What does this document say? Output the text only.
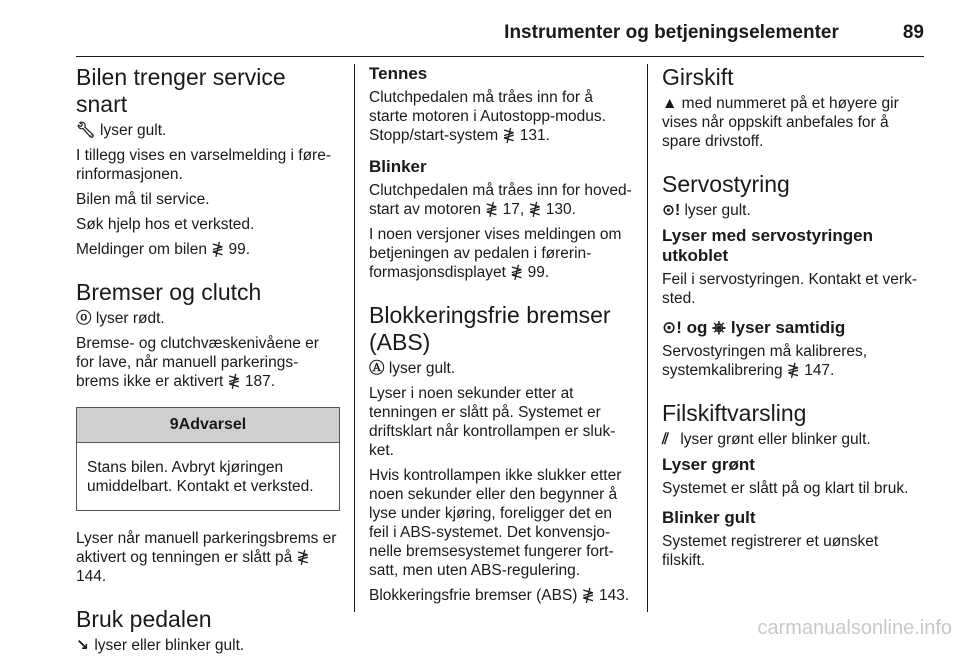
Instrumenter og betjeningselementer	89
Bilen trenger service snart

🔧︎ lyser gult.

I tillegg vises en varselmelding i føre-rinformasjonen.

Bilen må til service.

Søk hjelp hos et verksted.

Meldinger om bilen ≹ 99.

Bremser og clutch

ⓞ lyser rødt.

Bremse- og clutchvæskenivåene er for lave, når manuell parkerings-brems ikke er aktivert ≹ 187.

9Advarsel
Stans bilen. Avbryt kjøringen umiddelbart. Kontakt et verksted.

Lyser når manuell parkeringsbrems er aktivert og tenningen er slått på ≹ 144.

Bruk pedalen

↘ lyser eller blinker gult.

Tennes

Clutchpedalen må tråes inn for å starte motoren i Autostopp-modus. Stopp/start-system ≹ 131.

Blinker

Clutchpedalen må tråes inn for hoved-start av motoren ≹ 17, ≹ 130.

I noen versjoner vises meldingen om betjeningen av pedalen i førerin-formasjonsdisplayet ≹ 99.

Blokkeringsfrie bremser (ABS)

Ⓐ lyser gult.

Lyser i noen sekunder etter at tenningen er slått på. Systemet er driftsklart når kontrollampen er sluk-ket.

Hvis kontrollampen ikke slukker etter noen sekunder eller den begynner å lyse under kjøring, foreligger det en feil i ABS-systemet. Det konvensjo-nelle bremsesystemet fungerer fort-satt, men uten ABS-regulering.

Blokkeringsfrie bremser (ABS) ≹ 143.

Girskift

▲ med nummeret på et høyere gir vises når oppskift anbefales for å spare drivstoff.

Servostyring

⊙! lyser gult.

Lyser med servostyringen utkoblet

Feil i servostyringen. Kontakt et verk-sted.

⊙! og ⎈ lyser samtidig

Servostyringen må kalibreres, systemkalibrering ≹ 147.

Filskiftvarsling

⫽ lyser grønt eller blinker gult.

Lyser grønt

Systemet er slått på og klart til bruk.

Blinker gult

Systemet registrerer et uønsket filskift.

carmanualsonline.info
